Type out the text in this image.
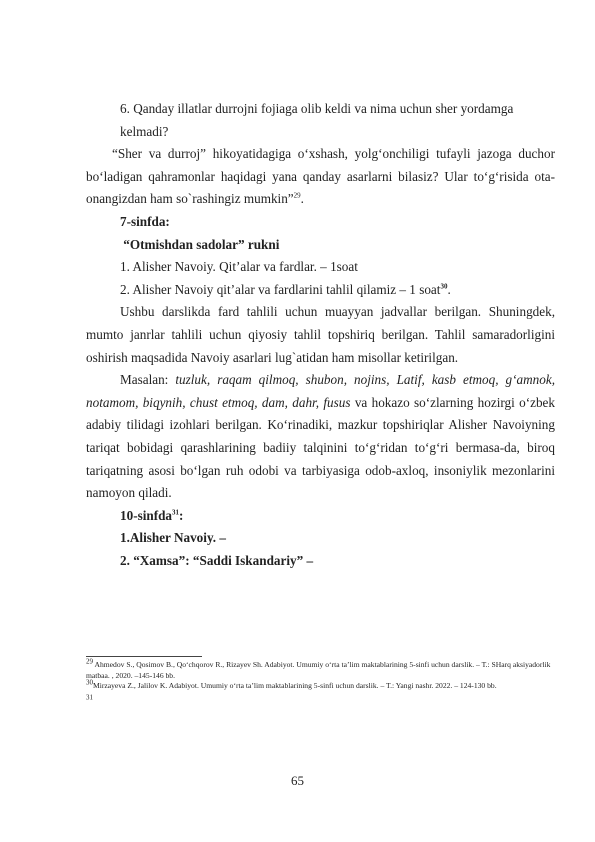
6. Qanday illatlar durrojni fojiaga olib keldi va nima uchun sher yordamga

kelmadi?

“Sher va durroj” hikoyatidagiga o‘xshash, yolg‘onchiligi tufayli jazoga duchor bo‘ladigan qahramonlar haqidagi yana qanday asarlarni bilasiz? Ular to‘g‘risida ota-onangizdan ham so`rashingiz mumkin”$^{29}$.

7-sinfda:

“Otmishdan sadolar” rukni

1. Alisher Navoiy. Qit’alar va fardlar. – 1soat

2. Alisher Navoiy qit’alar va fardlarini tahlil qilamiz – 1 soat$^{30}$.

Ushbu darslikda fard tahlili uchun muayyan jadvallar berilgan. Shuningdek, mumto janrlar tahlili uchun qiyosiy tahlil topshiriq berilgan. Tahlil samaradorligini oshirish maqsadida Navoiy asarlari lug`atidan ham misollar ketirilgan.

Masalan: tuzluk, raqam qilmoq, shubon, nojins, Latif, kasb etmoq, g‘amnok, notamom, biqynih, chust etmoq, dam, dahr, fusus va hokazo so‘zlarning hozirgi o‘zbek adabiy tilidagi izohlari berilgan. Ko‘rinadiki, mazkur topshiriqlar Alisher Navoiyning tariqat bobidagi qarashlarining badiiy talqinini to‘g‘ridan to‘g‘ri bermasa-da, biroq tariqatning asosi bo‘lgan ruh odobi va tarbiyasiga odob-axloq, insoniylik mezonlarini namoyon qiladi.

10-sinfda$^{31}$:

1.Alisher Navoiy. –

2. “Xamsa”: “Saddi Iskandariy” –

$^{29}$ Ahmedov S., Qosimov B., Qo‘chqorov R., Rizayev Sh. Adabiyot. Umumiy o‘rta ta’lim maktablarining 5-sinfi uchun darslik. – T.: SHarq aksiyadorlik matbaa. , 2020. –145-146 bb.
$^{30}$Mirzayeva Z., Jalilov K. Adabiyot. Umumiy o‘rta ta’lim maktablarining 5-sinfi uchun darslik. – T.: Yangi nashr. 2022. – 124-130 bb.
$^{31}$
65
